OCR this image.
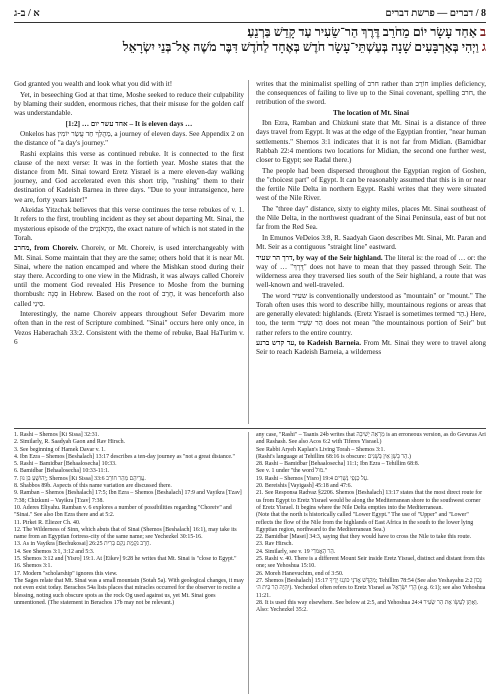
א / ב-ג	8 / דברים — פרשת דברים
ב אַחַד עָשָׂר יוֹם מֵחֹרֵב דֶּרֶךְ הַר־שֵׂעִיר עַד קָדֵשׁ בַּרְנֵעַ׃
ג וַיְהִי בְּאַרְבָּעִים שָׁנָה בְּעַשְׁתֵּי־עָשָׂר חֹדֶשׁ בְּאֶחָד לַחֹדֶשׁ דִּבֶּר מֹשֶׁה אֶל־בְּנֵי יִשְׂרָאֵל

God granted you wealth and look what you did with it!

Yet, in beseeching God at that time, Moshe seeked to reduce their culpability by blaming their sudden, enormous riches, that their misuse for the golden calf was understandable.

[1:2] … אחד עשר יום – It is eleven days …

Onkelos has מַהֲלַךְ חַד עֲשַׂר יוֹמִין, a journey of eleven days. See Appendix 2 on the distance of "a day's journey."

Rashi explains this verse as continued rebuke. It is connected to the first clause of the next verse: It was in the fortieth year. Moshe states that the distance from Mt. Sinai toward Eretz Yisrael is a mere eleven-day walking journey, and God accelerated even this short trip, "rushing" them to their destination of Kadeish Barnea in three days. "Due to your intransigence, here we are, forty years later!"

Akeidas Yitzchak believes that this verse continues the terse rebukes of v. 1. It refers to the first, troubling incident as they set about departing Mt. Sinai, the mysterious episode of the מִתְאֹנְנִים, the exact nature of which is not stated in the Torah.

מחרב, from Choreiv. Choreiv, or Mt. Choreiv, is used interchangeably with Mt. Sinai. Some maintain that they are the same; others hold that it is near Mt. Sinai, where the nation encamped and where the Mishkan stood during their stay there. According to one view in the Midrash, it was always called Choreiv until the moment God revealed His Presence to Moshe from the burning thornbush: סְנֶה in Hebrew. Based on the root of חָרֵב, it was henceforth also called סִינַי.

Interestingly, the name Choreiv appears throughout Sefer Devarim more often than in the rest of Scripture combined. "Sinai" occurs here only once, in Vezos Haberachah 33:2. Consistent with the theme of rebuke, Baal HaTurim v. 6

writes that the minimalist spelling of חרב rather than חוֹרֵב implies deficiency, the consequences of failing to live up to the Sinai covenant, spelling חרב, the retribution of the sword.

The location of Mt. Sinai

Ibn Ezra, Ramban and Chizkuni state that Mt. Sinai is a distance of three days travel from Egypt. It was at the edge of the Egyptian frontier, "near human settlements." Shemos 3:1 indicates that it is not far from Midian. (Bamidbar Rabbah 22:4 mentions two locations for Midian, the second one further west, closer to Egypt; see Radal there.)

The people had been dispersed throughout the Egyptian region of Goshen, the "choicest part" of Egypt. It can be reasonably assumed that this is in or near the fertile Nile Delta in northern Egypt. Rashi writes that they were situated west of the Nile River.

The "three day" distance, sixty to eighty miles, places Mt. Sinai southeast of the Nile Delta, in the northwest quadrant of the Sinai Peninsula, east of but not far from the Red Sea.

In Emunos VeDeios 3:8, R. Saadyah Gaon describes Mt. Sinai, Mt. Paran and Mt. Seir as a contiguous "straight line" eastward.

דרך הר שעיר, by way of the Seir highland. The literal is: the road of … or: the way of … "דֶּרֶךְ" does not have to mean that they passed through Seir. The wilderness area they traversed lies south of the Seir highland, a route that was well-known and well-traveled.

The word שעיר is conventionally understood as "mountain" or "mount." The Torah often uses this word to describe hilly, mountainous regions or areas that are generally elevated: highlands. (Eretz Yisrael is sometimes termed הַר.) Here, too, the term הַר שֵׂעִיר does not mean "the mountainous portion of Seir" but rather refers to the entire country.

עד קדש ברנע, to Kadeish Barneia. From Mt. Sinai they were to travel along Seir to reach Kadeish Barneia, a wilderness

1. Rashi – Shemos [Ki Sissa] 32:31.
2. Similarly, R. Saadyah Gaon and Rav Hirsch.
3. See beginning of Hamek Davar v. 1.
4. Ibn Ezra – Shemos [Beshalach] 13:17 describes a ten-day journey as "not a great distance."
5. Rashi – Bamidbar [Behaalosecha] 10:33.
6. Bamidbar [Behaalosecha] 10:33-11:1.
7. יְהוֹשֻׁעַ בִּן נוּן; Shemos [Ki Sissa] 33:6 עֲדֵיהֶם מֵהַר חוֹרֵב.
8. Shabbos 89b. Aspects of this name variation are discussed there.
9. Ramban – Shemos [Beshalach] 17:5; Ibn Ezra – Shemos [Beshalach] 17:9 and Vayikra [Tzav] 7:38; Chizkuni – Vayikra [Tzav] 7:38.
10. Aderes Eliyahu. Ramban v. 6 explores a number of possibilities regarding "Choreiv" and "Sinai." See also Ibn Ezra there and at 5:2.
11. Pirkei R. Eliezer Ch. 40.
12. The Wilderness of Sinn, which abuts that of Sinai (Shemos [Beshalach] 16:1), may take its name from an Egyptian fortress-city of the same name; see Yechezkel 30:15-16.
13. As in Vayikra [Bechukosai] 26:25 חֶרֶב נֹקֶמֶת נְקַם בְּרִית.
14. See Shemos 3:1, 3:12 and 5:3.
15. Shemos 3:12 and [Yisro] 19:1. At [Eikev] 9:28 he writes that Mt. Sinai is "close to Egypt."
16. Shemos 3:1.
17. Modern "scholarship" ignores this view.
The Sages relate that Mt. Sinai was a small mountain (Sotah 5a). With geological changes, it may not even exist today. Berachos 54a lists places that miracles occurred for the observer to recite a blessing, noting such obscure spots as the rock Og used against us, yet Mt. Sinai goes unmentioned. (The statement in Berachos 17b may not be relevant.)
any case, "Rashi" – Taanis 24b writes that מַרְאֵה יְשִׁיבָה is an erroneous version, as do Gevuras Ari and Rashash. See also Acos 6:2 with Tiferes Yisrael.)
See Rabbi Aryeh Kaplan's Living Torah – Shemos 3:1.
(Rashi's language at Tehillim 68:16 is obscure: הַר בָּשָׁן אֵין בְּשָׁנִים.)
28. Rashi – Bamidbar [Behaalosecha] 11:1; Ibn Ezra – Tehillim 68:8.
See v. 1 under "the word מול."
19. Rashi – Shemos [Yisro] 19:4 עַל כַּנְפֵי נְשָׁרִים.
20. Bereishis [Vayigash] 45:18 and 47:6.
21. See Responsa Radvaz §2206. Shemos [Beshalach] 13:17 states that the most direct route for us from Egypt to Eretz Yisrael would be along the Mediterranean shore to the southwest corner of Eretz Yisrael. It begins where the Nile Delta empties into the Mediterranean.
(Note that the north is historically called "Lower Egypt." The use of "Upper" and "Lower" reflects the flow of the Nile from the highlands of East Africa in the south to the lower lying Egyptian region, northward to the Mediterranean Sea.)
22. Bamidbar [Masei] 34:3, saying that they would have to cross the Nile to take this route.
23. Rav Hirsch.
24. Similarly, see v. 19 הַר הָאֱמֹרִי.
25. Rashi v. 40. There is a different Mount Seir inside Eretz Yisrael, distinct and distant from this one; see Yehoshua 15:10.
26. Moreh Hanevuchim, end of 3:50.
27. Shemos [Beshalach] 15:17 מִקְדָּשׁ אֲדֹנָי כּוֹנְנוּ יָדֶיךָ; Tehillim 78:54 (See also Yeshayahu 2:2 נָכוֹן יִהְיֶה הַר בֵּית ה׳). Yechezkel often refers to Eretz Yisrael as הָרֵי יִשְׂרָאֵל (e.g. 6:1); see also Yehoshua 11:21.
28. It is used this way elsewhere. See below at 2:5, and Yehoshua 24:4 וְאֶתֵּן לְעֵשָׂו אֶת הַר שֵׂעִיר. Also: Yechezkel 35:2.
